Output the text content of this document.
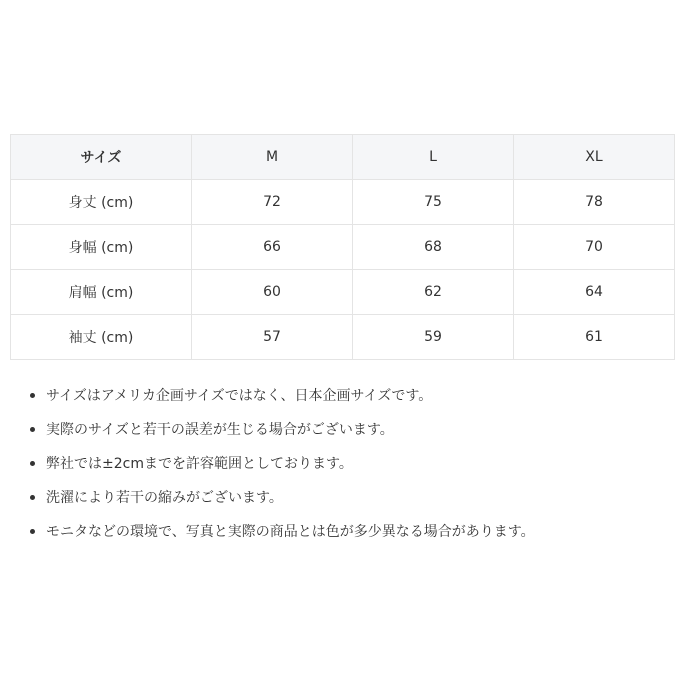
サイズ	M	L	XL
身丈 (cm)	72	75	78
身幅 (cm)	66	68	70
肩幅 (cm)	60	62	64
袖丈 (cm)	57	59	61
サイズはアメリカ企画サイズではなく、日本企画サイズです。
実際のサイズと若干の誤差が生じる場合がございます。
弊社では±2cmまでを許容範囲としております。
洗濯により若干の縮みがございます。
モニタなどの環境で、写真と実際の商品とは色が多少異なる場合があります。
